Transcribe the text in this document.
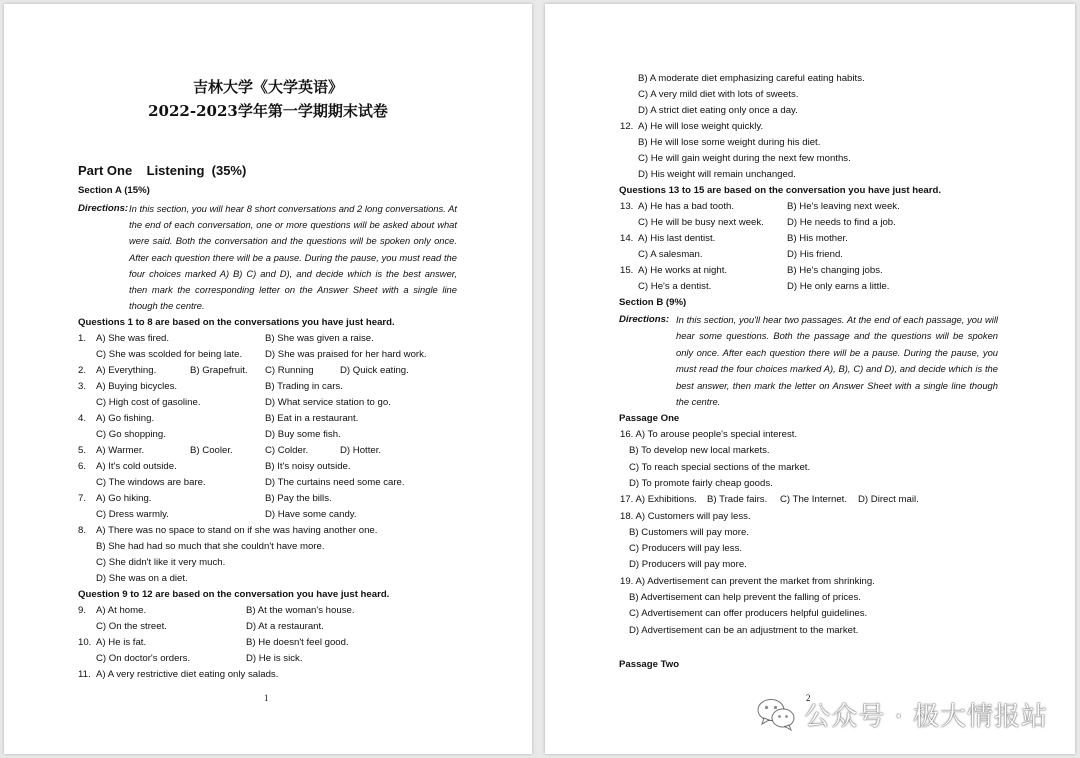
吉林大学《大学英语》
2022-2023学年第一学期期末试卷
Part One    Listening  (35%)
Section A (15%)
Directions: In this section, you will hear 8 short conversations and 2 long conversations. At the end of each conversation, one or more questions will be asked about what were said. Both the conversation and the questions will be spoken only once. After each question there will be a pause. During the pause, you must read the four choices marked A) B) C) and D), and decide which is the best answer, then mark the corresponding letter on the Answer Sheet with a single line though the centre.
Questions 1 to 8 are based on the conversations you have just heard.
1. A) She was fired.	B) She was given a raise.
C) She was scolded for being late. D) She was praised for her hard work.
2. A) Everything.	B) Grapefruit. C) Running	D) Quick eating.
3. A) Buying bicycles.	B) Trading in cars.
C) High cost of gasoline.	D) What service station to go.
4. A) Go fishing.	B) Eat in a restaurant.
C) Go shopping.	D) Buy some fish.
5. A) Warmer.	B) Cooler.	C) Colder.	D) Hotter.
6. A) It's cold outside.	B) It's noisy outside.
C) The windows are bare.	D) The curtains need some care.
7. A) Go hiking.	B) Pay the bills.
C) Dress warmly.	D) Have some candy.
8. A) There was no space to stand on if she was having another one.
B) She had had so much that she couldn't have more.
C) She didn't like it very much.
D) She was on a diet.
Question 9 to 12 are based on the conversation you have just heard.
9. A) At home.	B) At the woman's house.
C) On the street.	D) At a restaurant.
10. A) He is fat.	B) He doesn't feel good.
C) On doctor's orders.	D) He is sick.
11. A) A very restrictive diet eating only salads.
1
B) A moderate diet emphasizing careful eating habits.
C) A very mild diet with lots of sweets.
D) A strict diet eating only once a day.
12. A) He will lose weight quickly.
B) He will lose some weight during his diet.
C) He will gain weight during the next few months.
D) His weight will remain unchanged.
Questions 13 to 15 are based on the conversation you have just heard.
13. A) He has a bad tooth.	B) He's leaving next week.
C) He will be busy next week. D) He needs to find a job.
14. A) His last dentist.	B) His mother.
C) A salesman.	D) His friend.
15. A) He works at night.	B) He's changing jobs.
C) He's a dentist.	D) He only earns a little.
Section B (9%)
Directions: In this section, you'll hear two passages. At the end of each passage, you will hear some questions. Both the passage and the questions will be spoken only once. After each question there will be a pause. During the pause, you must read the four choices marked A), B), C) and D), and decide which is the best answer, then mark the letter on Answer Sheet with a single line though the centre.
Passage One
16. A) To arouse people's special interest.
B) To develop new local markets.
C) To reach special sections of the market.
D) To promote fairly cheap goods.
17. A) Exhibitions. B) Trade fairs. C) The Internet. D) Direct mail.
18. A) Customers will pay less.
B) Customers will pay more.
C) Producers will pay less.
D) Producers will pay more.
19. A) Advertisement can prevent the market from shrinking.
B) Advertisement can help prevent the falling of prices.
C) Advertisement can offer producers helpful guidelines.
D) Advertisement can be an adjustment to the market.
Passage Two
2
公众号 · 极大情报站
